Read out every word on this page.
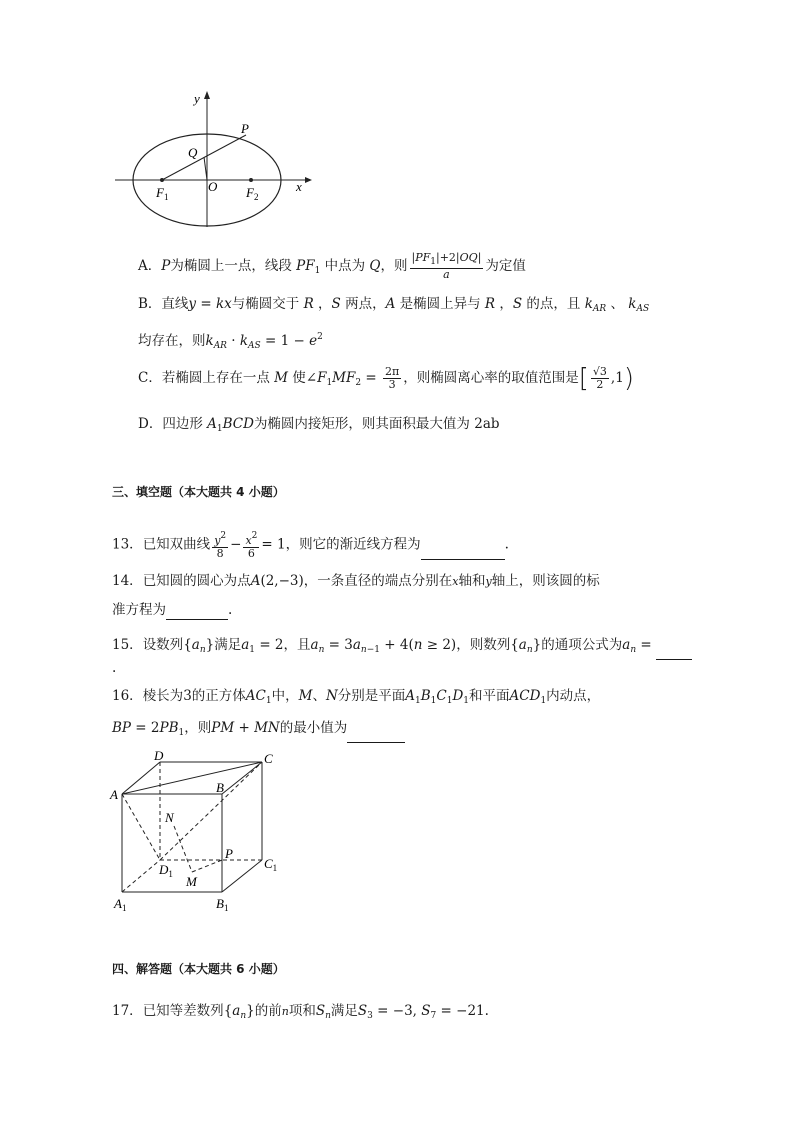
y
x
P
Q
O
$F_1$	$F_2$
A．P为椭圆上一点，线段 $PF_1$ 中点为 Q，则 $\frac{|PF_1|+2|OQ|}{a}$ 为定值
B．直线y = kx与椭圆交于 R ，S 两点，A 是椭圆上异与 R ，S 的点，且 $k_{AR}$ 、 $k_{AS}$
均存在，则$k_{AR} \cdot k_{AS} = 1 - e^2$
C．若椭圆上存在一点 M 使$\angle F_1MF_2 = \frac{2\pi}{3}$ ，则椭圆离心率的取值范围是[ $\frac{√3}{2} ,1$)
D．四边形 $A_1BCD$为椭圆内接矩形，则其面积最大值为 2ab
三、填空题（本大题共 4 小题）
13．已知双曲线 $\frac{y^2}{8} - \frac{x^2}{6} = 1$，则它的渐近线方程为	.
14．已知圆的圆心为点A(2,−3)，一条直径的端点分别在x轴和y轴上，则该圆的标
准方程为	.
15．设数列$\{a_n\}$满足$a_1 = 2$，且$a_n = 3a_{n-1} + 4(n \ge 2)$，则数列$\{a_n\}$的通项公式为$a_n$ =
.
16．棱长为3的正方体$AC_1$中，M、N分别是平面$A_1B_1C_1D_1$和平面$ACD_1$内动点，
BP = $2PB_1$，则PM + MN的最小值为
D	C
A	B
N
P
$D_1$
$C_1$
M
$A_1$	$B_1$
四、解答题（本大题共 6 小题）
17．已知等差数列$\{a_n\}$的前n项和$S_n$满足$S_3 = -3$, $S_7 = -21$.
